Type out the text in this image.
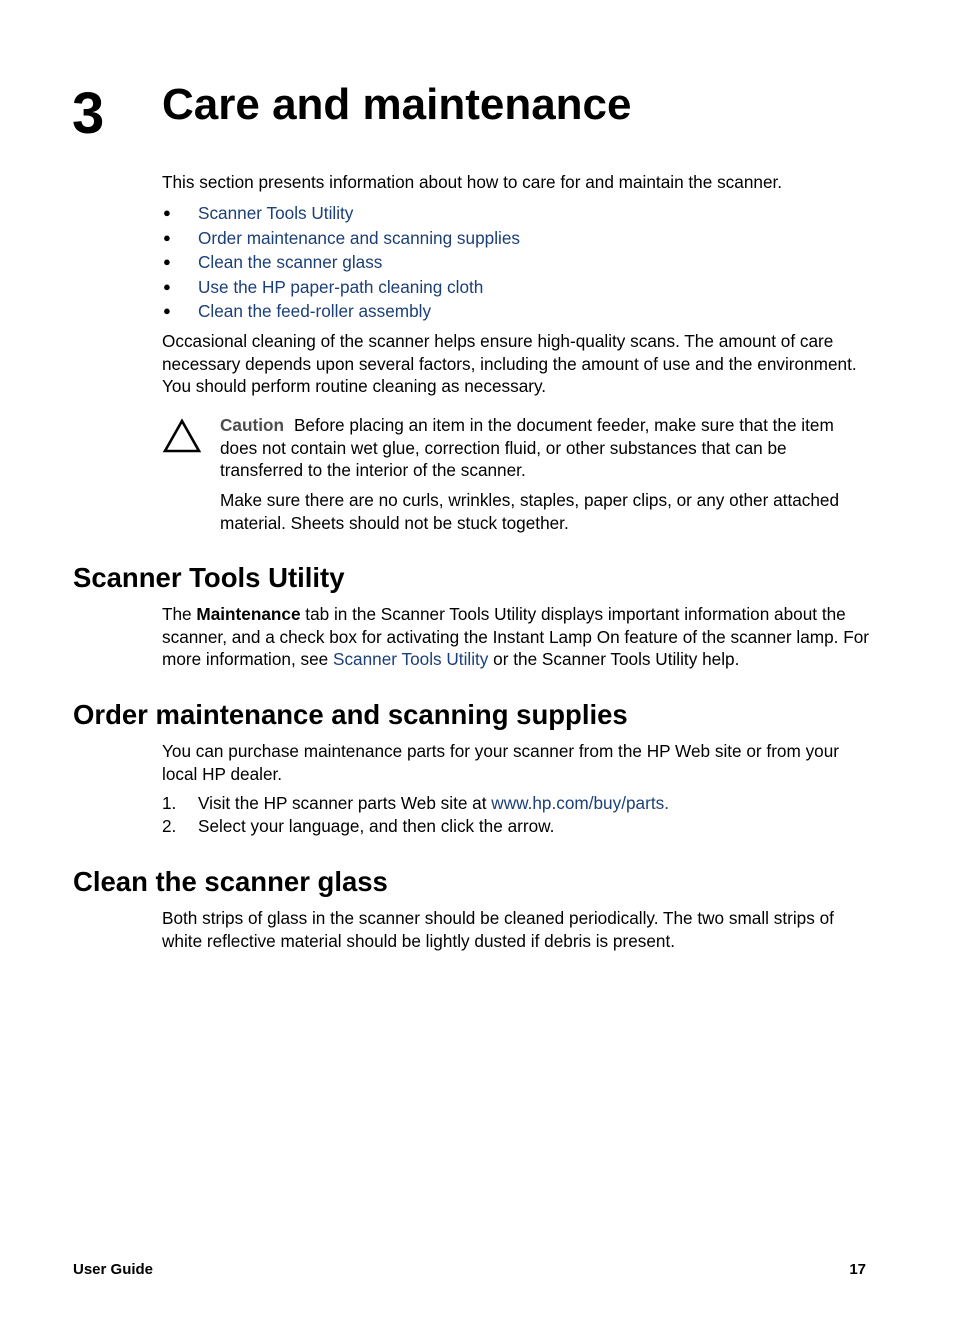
3 Care and maintenance

This section presents information about how to care for and maintain the scanner.

● Scanner Tools Utility
● Order maintenance and scanning supplies
● Clean the scanner glass
● Use the HP paper-path cleaning cloth
● Clean the feed-roller assembly

Occasional cleaning of the scanner helps ensure high-quality scans. The amount of care necessary depends upon several factors, including the amount of use and the environment. You should perform routine cleaning as necessary.

Caution Before placing an item in the document feeder, make sure that the item does not contain wet glue, correction fluid, or other substances that can be transferred to the interior of the scanner.

Make sure there are no curls, wrinkles, staples, paper clips, or any other attached material. Sheets should not be stuck together.

Scanner Tools Utility

The Maintenance tab in the Scanner Tools Utility displays important information about the scanner, and a check box for activating the Instant Lamp On feature of the scanner lamp. For more information, see Scanner Tools Utility or the Scanner Tools Utility help.

Order maintenance and scanning supplies

You can purchase maintenance parts for your scanner from the HP Web site or from your local HP dealer.

1. Visit the HP scanner parts Web site at www.hp.com/buy/parts.
2. Select your language, and then click the arrow.
Clean the scanner glass

Both strips of glass in the scanner should be cleaned periodically. The two small strips of white reflective material should be lightly dusted if debris is present.

User Guide	17
